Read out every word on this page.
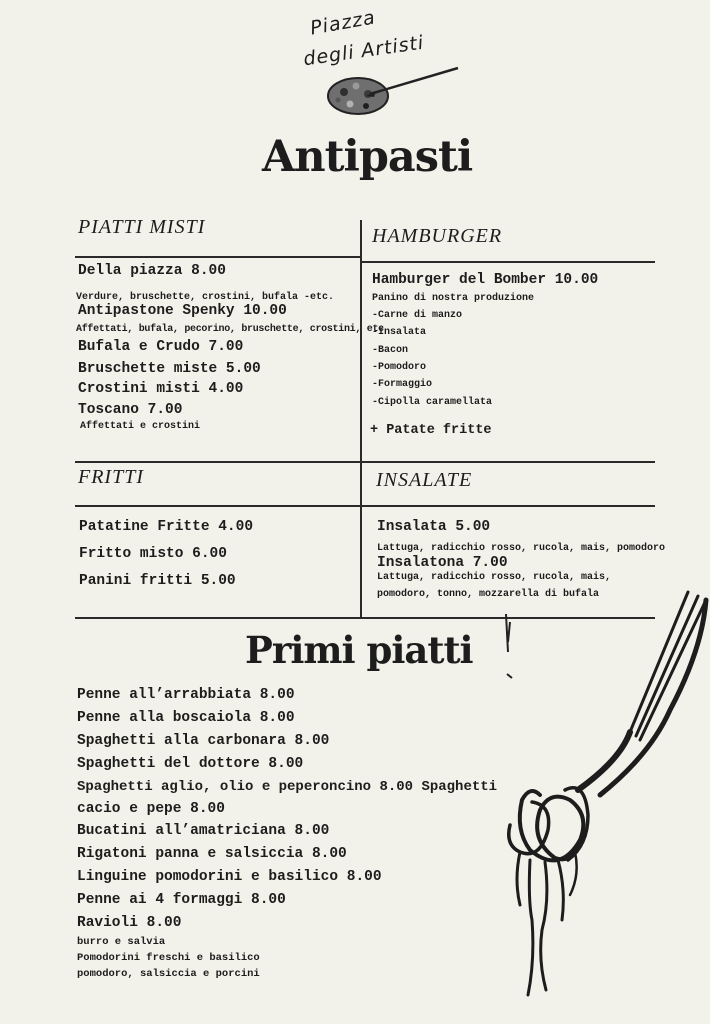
Piazza
degli Artisti
Antipasti
PIATTI MISTI
Della piazza 8.00
Verdure, bruschette, crostini, bufala -etc.
Antipastone Spenky 10.00
Affettati, bufala, pecorino, bruschette, crostini, etc
Bufala e Crudo 7.00
Bruschette miste 5.00
Crostini misti 4.00
Toscano 7.00
Affettati e crostini
HAMBURGER
Hamburger del Bomber 10.00
Panino di nostra produzione
-Carne di manzo
-Insalata
-Bacon
-Pomodoro
-Formaggio
-Cipolla caramellata
+ Patate fritte
FRITTI
Patatine Fritte 4.00
Fritto misto 6.00
Panini fritti 5.00
INSALATE
Insalata 5.00
Lattuga, radicchio rosso, rucola, mais, pomodoro
Insalatona 7.00
Lattuga, radicchio rosso, rucola, mais,
pomodoro, tonno, mozzarella di bufala
Primi piatti
Penne all’arrabbiata 8.00
Penne alla boscaiola 8.00
Spaghetti alla carbonara 8.00
Spaghetti del dottore 8.00
Spaghetti aglio, olio e peperoncino 8.00 Spaghetti
cacio e pepe 8.00
Bucatini all’amatriciana 8.00
Rigatoni panna e salsiccia 8.00
Linguine pomodorini e basilico 8.00
Penne ai 4 formaggi 8.00
Ravioli 8.00
burro e salvia
Pomodorini freschi e basilico
pomodoro, salsiccia e porcini
